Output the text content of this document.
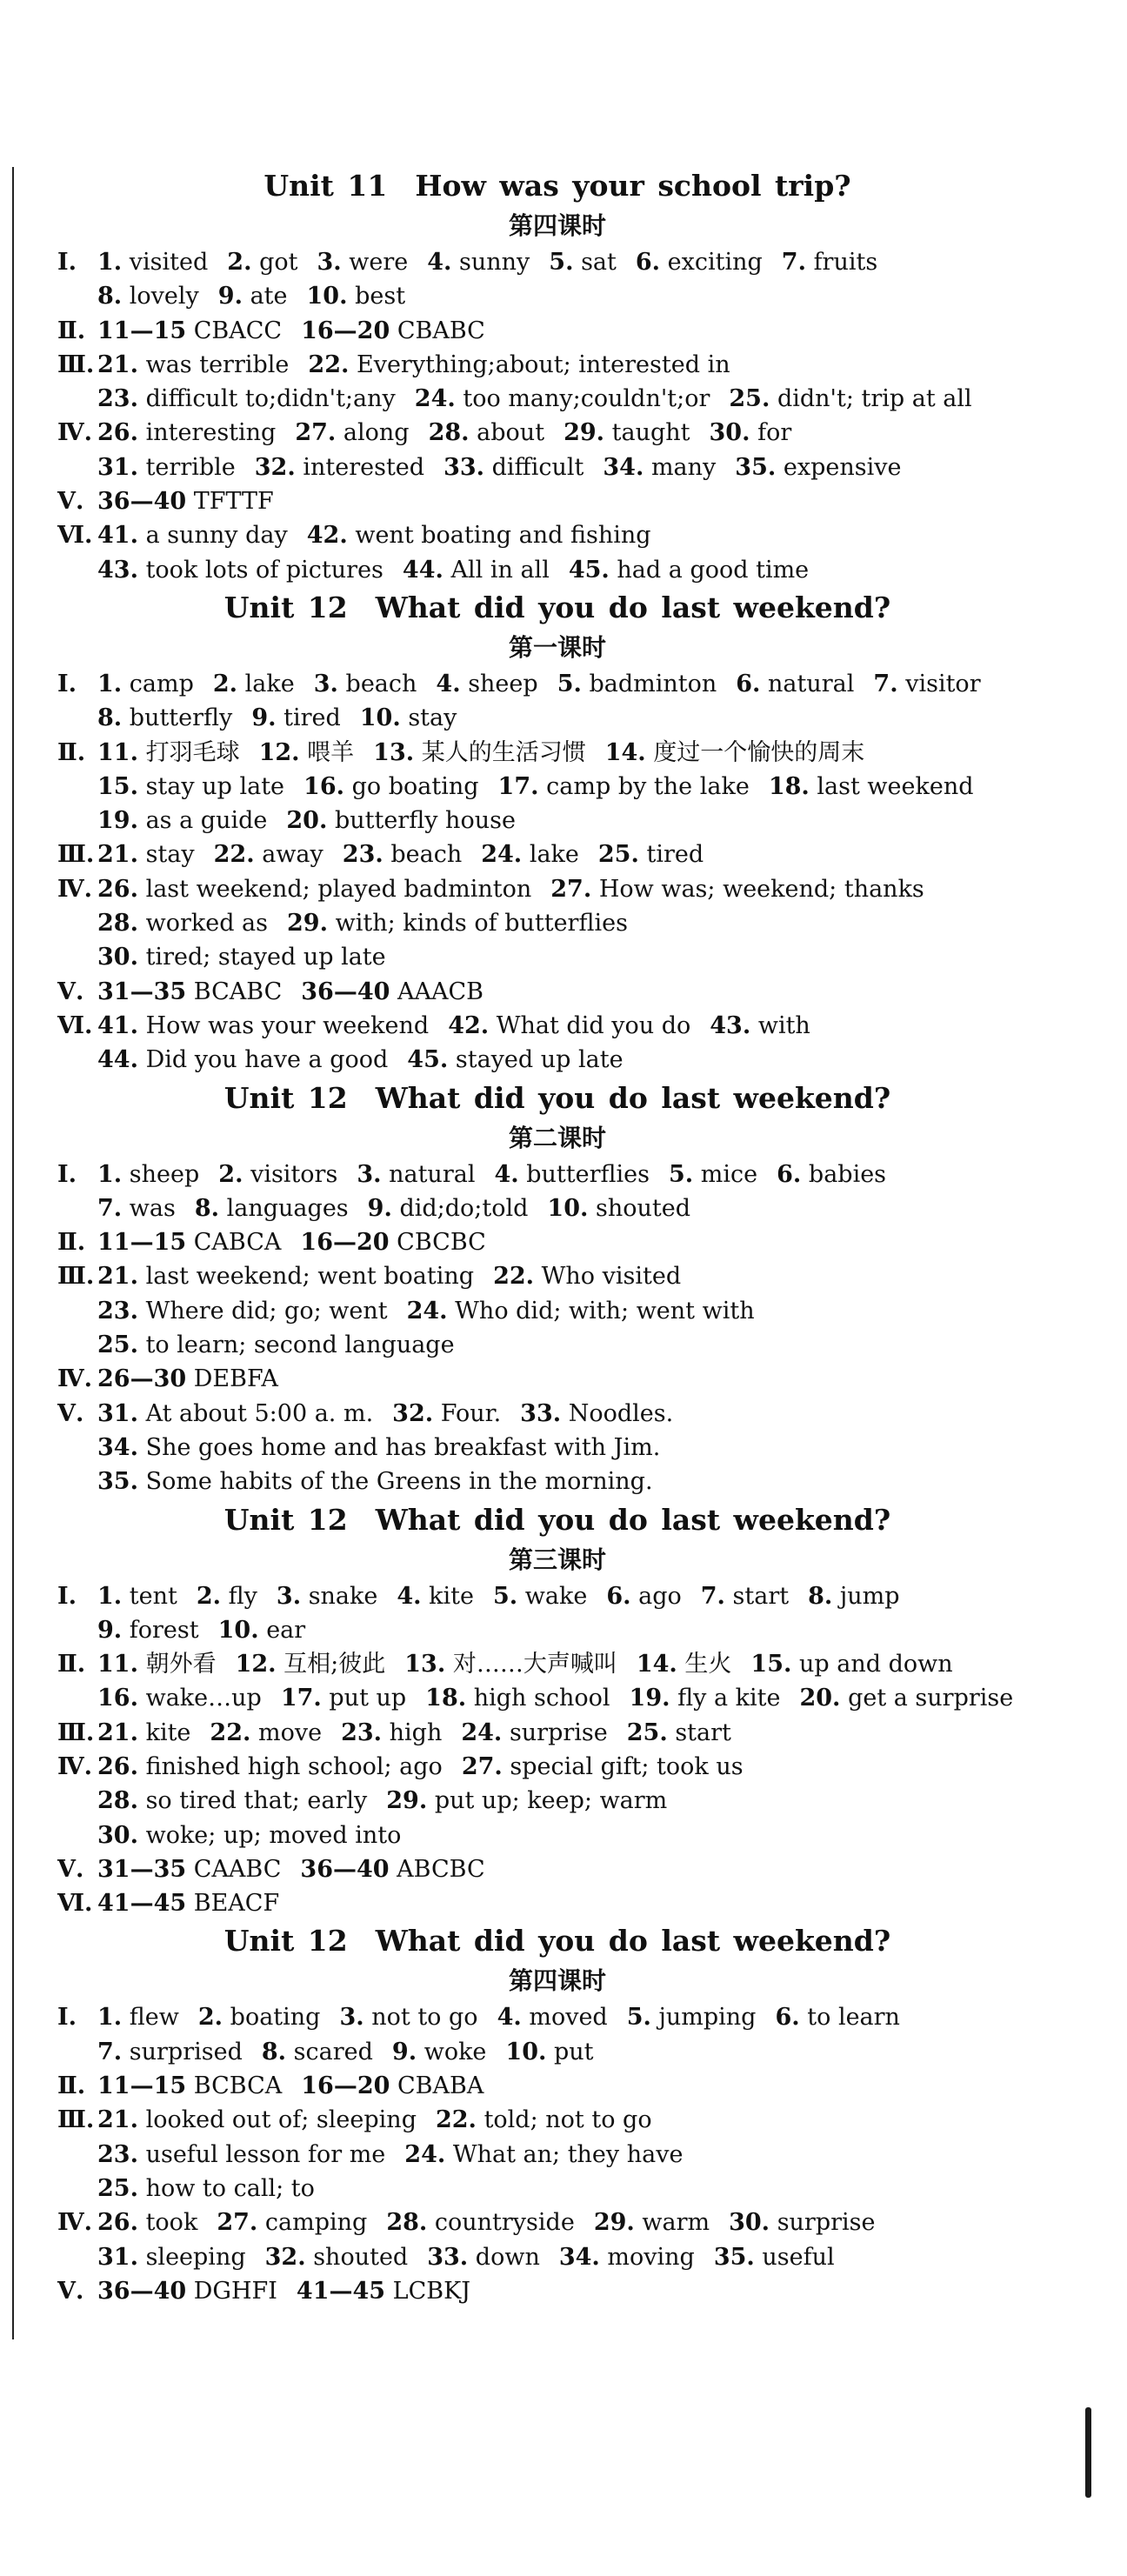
Unit 11 How was your school trip?
第四课时
Ⅰ. 1. visited 2. got 3. were 4. sunny 5. sat 6. exciting 7. fruits
8. lovely 9. ate 10. best
Ⅱ. 11—15 CBACC 16—20 CBABC
Ⅲ. 21. was terrible 22. Everything;about; interested in
23. difficult to;didn't;any 24. too many;couldn't;or 25. didn't; trip at all
Ⅳ. 26. interesting 27. along 28. about 29. taught 30. for
31. terrible 32. interested 33. difficult 34. many 35. expensive
Ⅴ. 36—40 TFTTF
Ⅵ. 41. a sunny day 42. went boating and fishing
43. took lots of pictures 44. All in all 45. had a good time
Unit 12 What did you do last weekend?
第一课时
Ⅰ. 1. camp 2. lake 3. beach 4. sheep 5. badminton 6. natural 7. visitor
8. butterfly 9. tired 10. stay
Ⅱ. 11. 打羽毛球 12. 喂羊 13. 某人的生活习惯 14. 度过一个愉快的周末
15. stay up late 16. go boating 17. camp by the lake 18. last weekend
19. as a guide 20. butterfly house
Ⅲ. 21. stay 22. away 23. beach 24. lake 25. tired
Ⅳ. 26. last weekend; played badminton 27. How was; weekend; thanks
28. worked as 29. with; kinds of butterflies
30. tired; stayed up late
Ⅴ. 31—35 BCABC 36—40 AAACB
Ⅵ. 41. How was your weekend 42. What did you do 43. with
44. Did you have a good 45. stayed up late
Unit 12 What did you do last weekend?
第二课时
Ⅰ. 1. sheep 2. visitors 3. natural 4. butterflies 5. mice 6. babies
7. was 8. languages 9. did;do;told 10. shouted
Ⅱ. 11—15 CABCA 16—20 CBCBC
Ⅲ. 21. last weekend; went boating 22. Who visited
23. Where did; go; went 24. Who did; with; went with
25. to learn; second language
Ⅳ. 26—30 DEBFA
Ⅴ. 31. At about 5:00 a. m. 32. Four. 33. Noodles.
34. She goes home and has breakfast with Jim.
35. Some habits of the Greens in the morning.
Unit 12 What did you do last weekend?
第三课时
Ⅰ. 1. tent 2. fly 3. snake 4. kite 5. wake 6. ago 7. start 8. jump
9. forest 10. ear
Ⅱ. 11. 朝外看 12. 互相;彼此 13. 对……大声喊叫 14. 生火 15. up and down
16. wake…up 17. put up 18. high school 19. fly a kite 20. get a surprise
Ⅲ. 21. kite 22. move 23. high 24. surprise 25. start
Ⅳ. 26. finished high school; ago 27. special gift; took us
28. so tired that; early 29. put up; keep; warm
30. woke; up; moved into
Ⅴ. 31—35 CAABC 36—40 ABCBC
Ⅵ. 41—45 BEACF
Unit 12 What did you do last weekend?
第四课时
Ⅰ. 1. flew 2. boating 3. not to go 4. moved 5. jumping 6. to learn
7. surprised 8. scared 9. woke 10. put
Ⅱ. 11—15 BCBCA 16—20 CBABA
Ⅲ. 21. looked out of; sleeping 22. told; not to go
23. useful lesson for me 24. What an; they have
25. how to call; to
Ⅳ. 26. took 27. camping 28. countryside 29. warm 30. surprise
31. sleeping 32. shouted 33. down 34. moving 35. useful
Ⅴ. 36—40 DGHFI 41—45 LCBKJ
